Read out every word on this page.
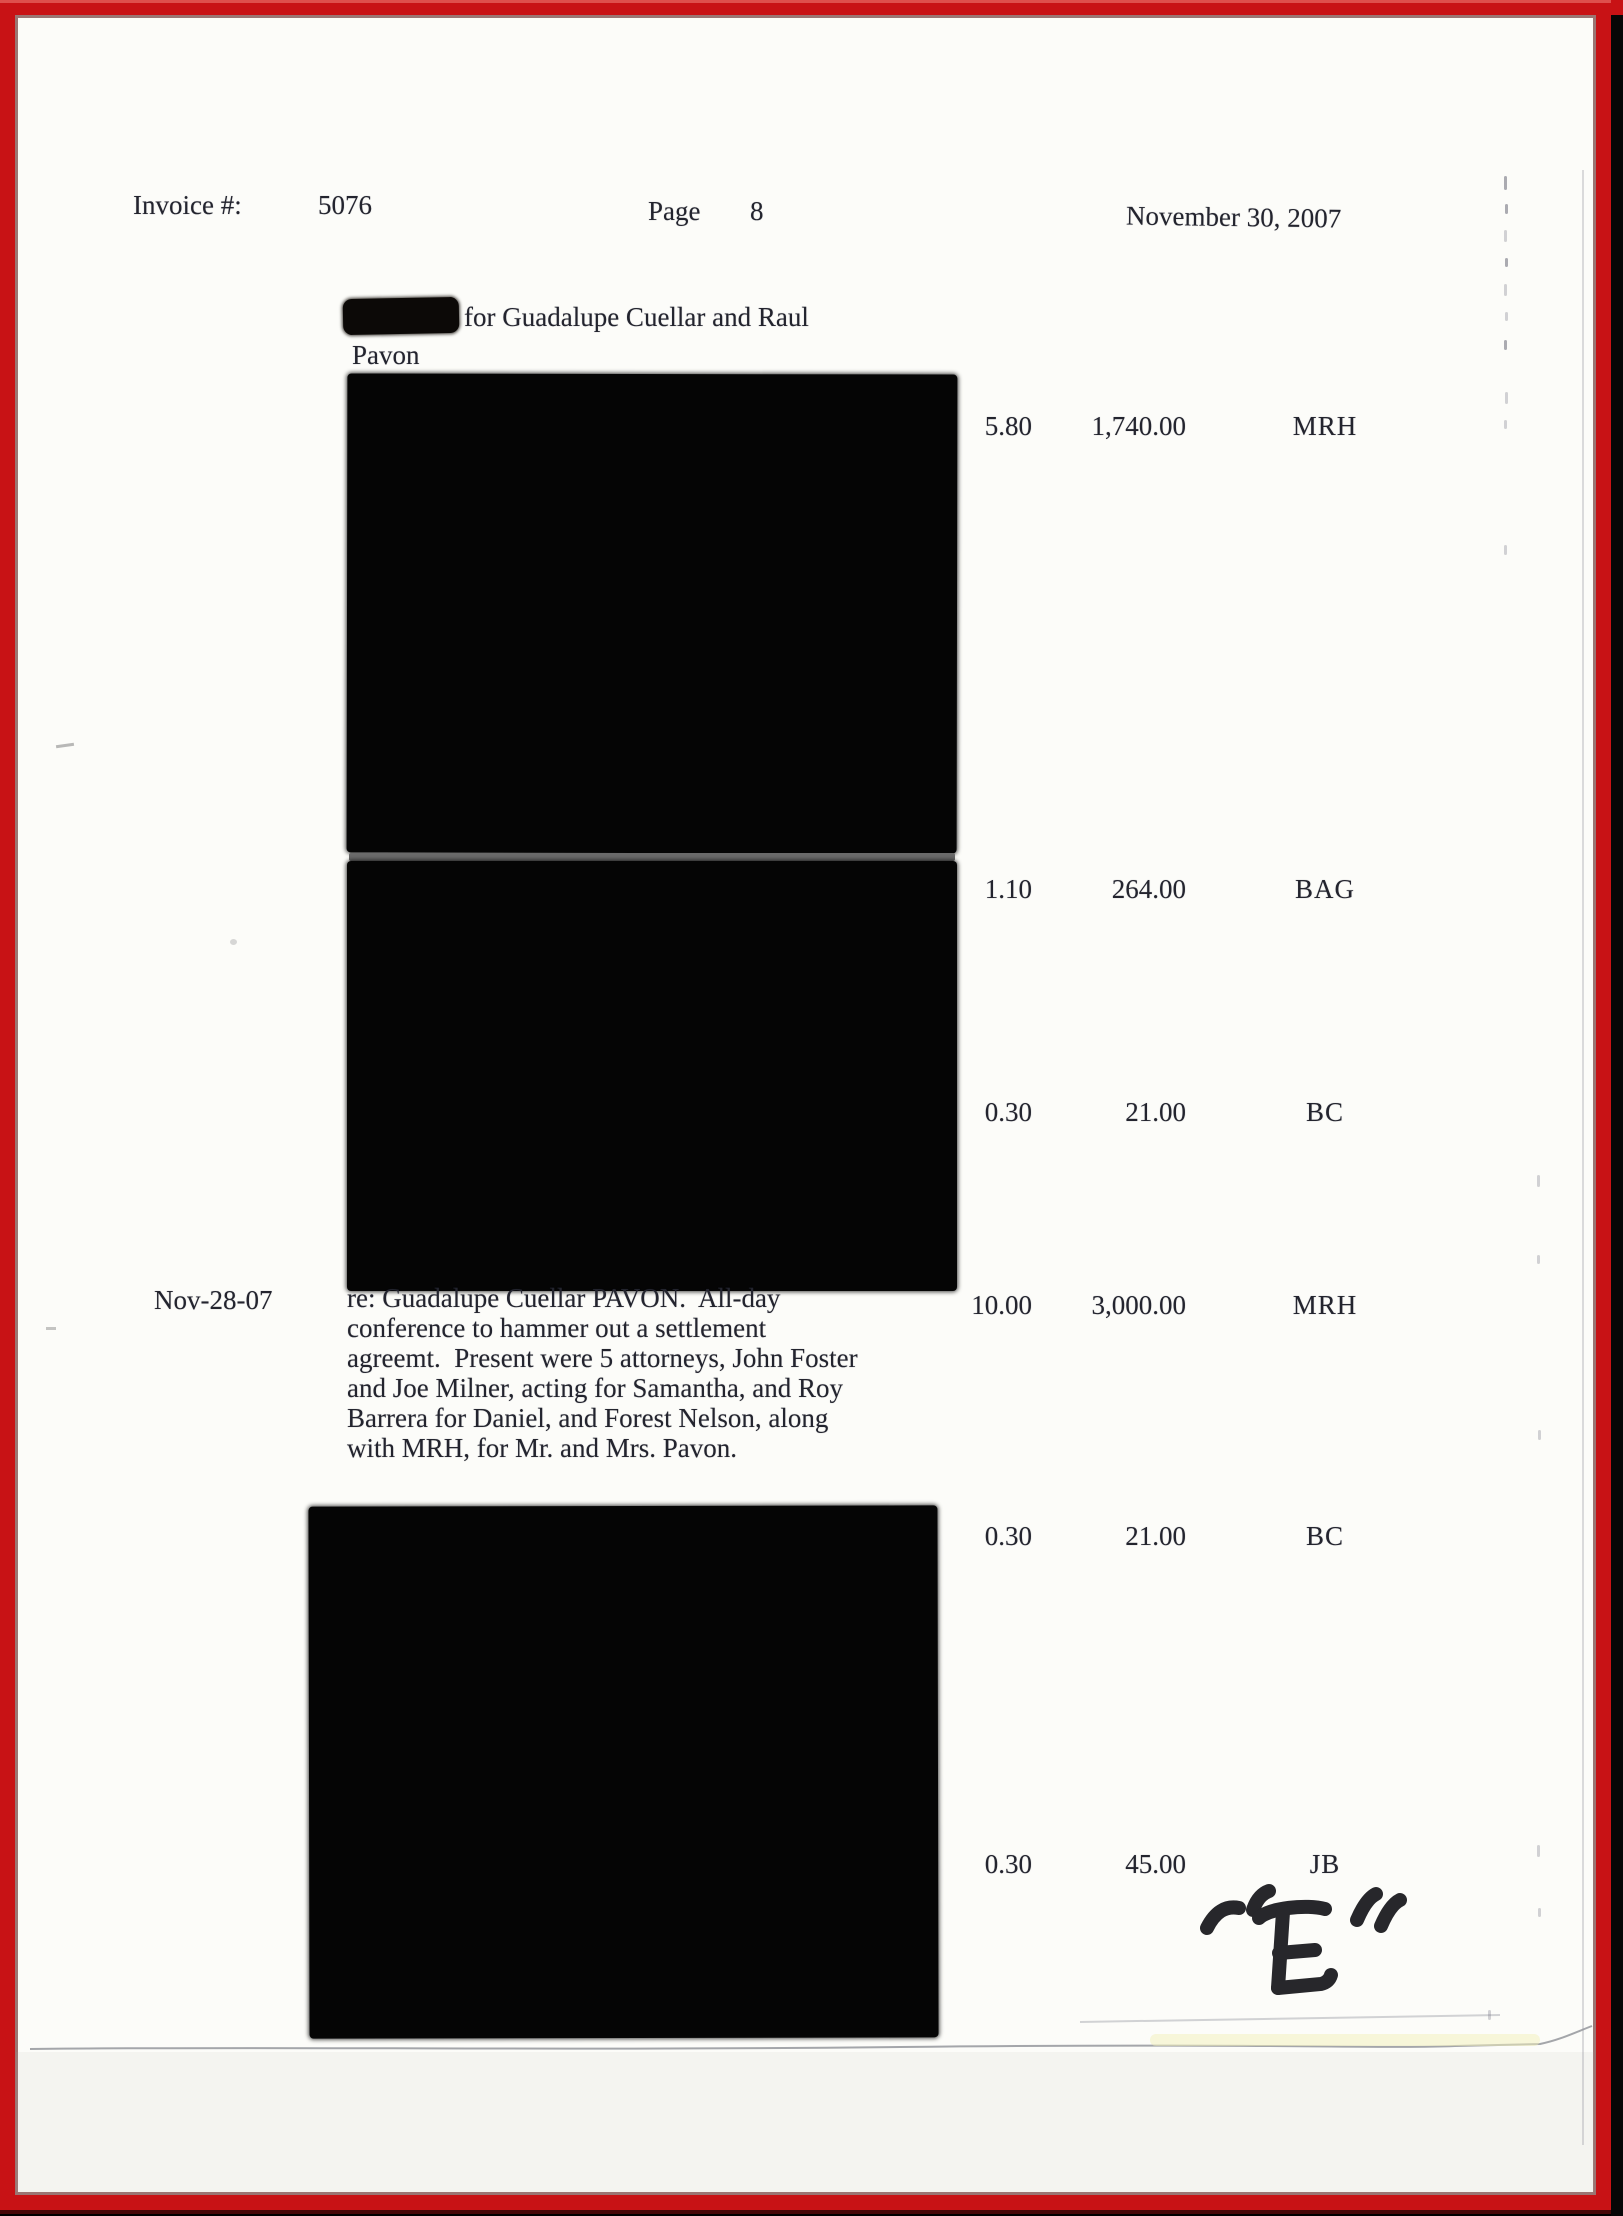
Invoice #:	5076	Page 8	November 30, 2007
for Guadalupe Cuellar and Raul
Pavon
5.80	1,740.00	MRH
1.10	264.00	BAG
0.30	21.00	BC
Nov-28-07	re: Guadalupe Cuellar PAVON.  All-day
conference to hammer out a settlement
agreemt.  Present were 5 attorneys, John Foster
and Joe Milner, acting for Samantha, and Roy
Barrera for Daniel, and Forest Nelson, along
with MRH, for Mr. and Mrs. Pavon.
10.00	3,000.00	MRH
0.30	21.00	BC
0.30	45.00	JB
